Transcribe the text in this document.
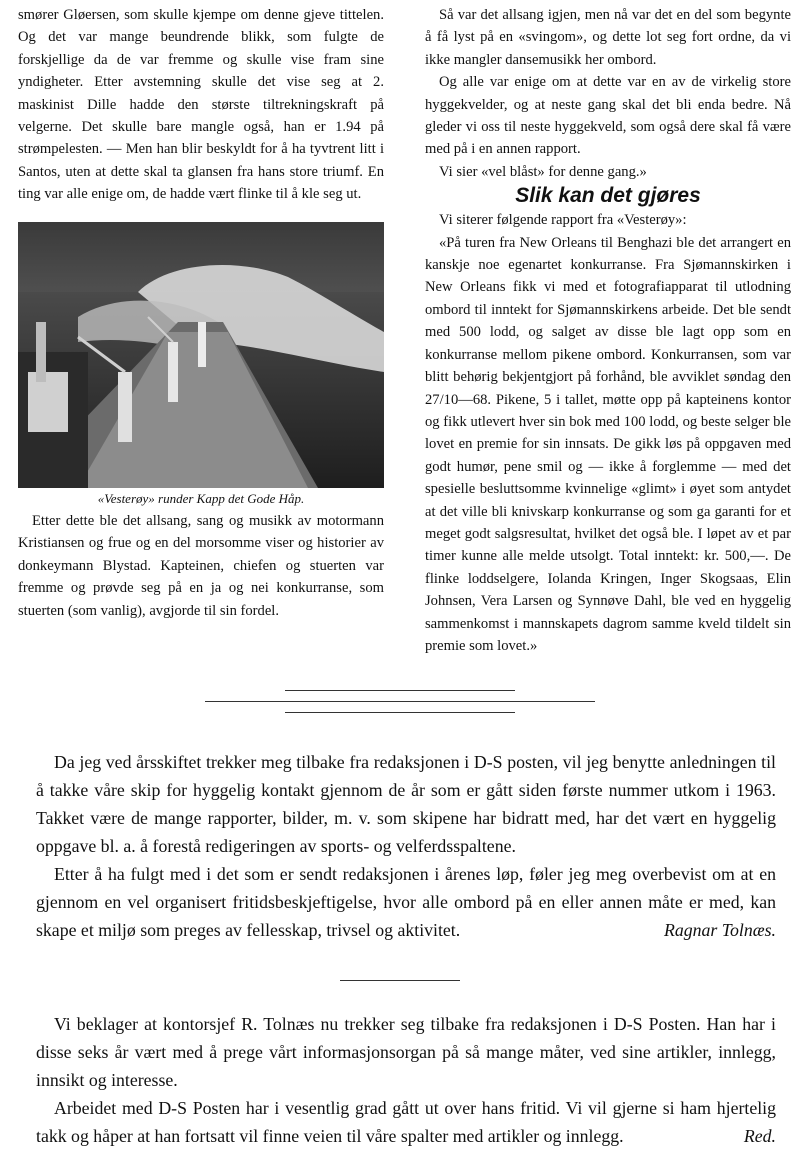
smører Gløersen, som skulle kjempe om denne gjeve tittelen. Og det var mange beundrende blikk, som fulgte de forskjellige da de var fremme og skulle vise fram sine yndigheter. Etter avstemning skulle det vise seg at 2. maskinist Dille hadde den største tiltrekningskraft på velgerne. Det skulle bare mangle også, han er 1.94 på strømpelesten. — Men han blir beskyldt for å ha tyvtrent litt i Santos, uten at dette skal ta glansen fra hans store triumf. En ting var alle enige om, de hadde vært flinke til å kle seg ut.

«Vesterøy» runder Kapp det Gode Håp.

Etter dette ble det allsang, sang og musikk av motormann Kristiansen og frue og en del morsomme viser og historier av donkeymann Blystad. Kapteinen, chiefen og stuerten var fremme og prøvde seg på en ja og nei konkurranse, som stuerten (som vanlig), avgjorde til sin fordel.

Så var det allsang igjen, men nå var det en del som begynte å få lyst på en «svingom», og dette lot seg fort ordne, da vi ikke mangler dansemusikk her ombord.

Og alle var enige om at dette var en av de virkelig store hyggekvelder, og at neste gang skal det bli enda bedre. Nå gleder vi oss til neste hyggekveld, som også dere skal få være med på i en annen rapport.

Vi sier «vel blåst» for denne gang.»

Slik kan det gjøres

Vi siterer følgende rapport fra «Vesterøy»:

«På turen fra New Orleans til Benghazi ble det arrangert en kanskje noe egenartet konkurranse. Fra Sjømannskirken i New Orleans fikk vi med et fotografiapparat til utlodning ombord til inntekt for Sjømannskirkens arbeide. Det ble sendt med 500 lodd, og salget av disse ble lagt opp som en konkurranse mellom pikene ombord. Konkurransen, som var blitt behørig bekjentgjort på forhånd, ble avviklet søndag den 27/10—68. Pikene, 5 i tallet, møtte opp på kapteinens kontor og fikk utlevert hver sin bok med 100 lodd, og beste selger ble lovet en premie for sin innsats. De gikk løs på oppgaven med godt humør, pene smil og — ikke å forglemme — med det spesielle besluttsomme kvinnelige «glimt» i øyet som antydet at det ville bli knivskarp konkurranse og som ga garanti for et meget godt salgsresultat, hvilket det også ble. I løpet av et par timer kunne alle melde utsolgt. Total inntekt: kr. 500,—. De flinke loddselgere, Iolanda Kringen, Inger Skogsaas, Elin Johnsen, Vera Larsen og Synnøve Dahl, ble ved en hyggelig sammenkomst i mannskapets dagrom samme kveld tildelt sin premie som lovet.»

Da jeg ved årsskiftet trekker meg tilbake fra redaksjonen i D-S posten, vil jeg benytte anledningen til å takke våre skip for hyggelig kontakt gjennom de år som er gått siden første nummer utkom i 1963. Takket være de mange rapporter, bilder, m. v. som skipene har bidratt med, har det vært en hyggelig oppgave bl. a. å forestå redigeringen av sports- og velferdsspaltene.

Etter å ha fulgt med i det som er sendt redaksjonen i årenes løp, føler jeg meg overbevist om at en gjennom en vel organisert fritidsbeskjeftigelse, hvor alle ombord på en eller annen måte er med, kan skape et miljø som preges av fellesskap, trivsel og aktivitet.	Ragnar Tolnæs.

Vi beklager at kontorsjef R. Tolnæs nu trekker seg tilbake fra redaksjonen i D-S Posten. Han har i disse seks år vært med å prege vårt informasjonsorgan på så mange måter, ved sine artikler, innlegg, innsikt og interesse.

Arbeidet med D-S Posten har i vesentlig grad gått ut over hans fritid. Vi vil gjerne si ham hjertelig takk og håper at han fortsatt vil finne veien til våre spalter med artikler og innlegg.	Red.
